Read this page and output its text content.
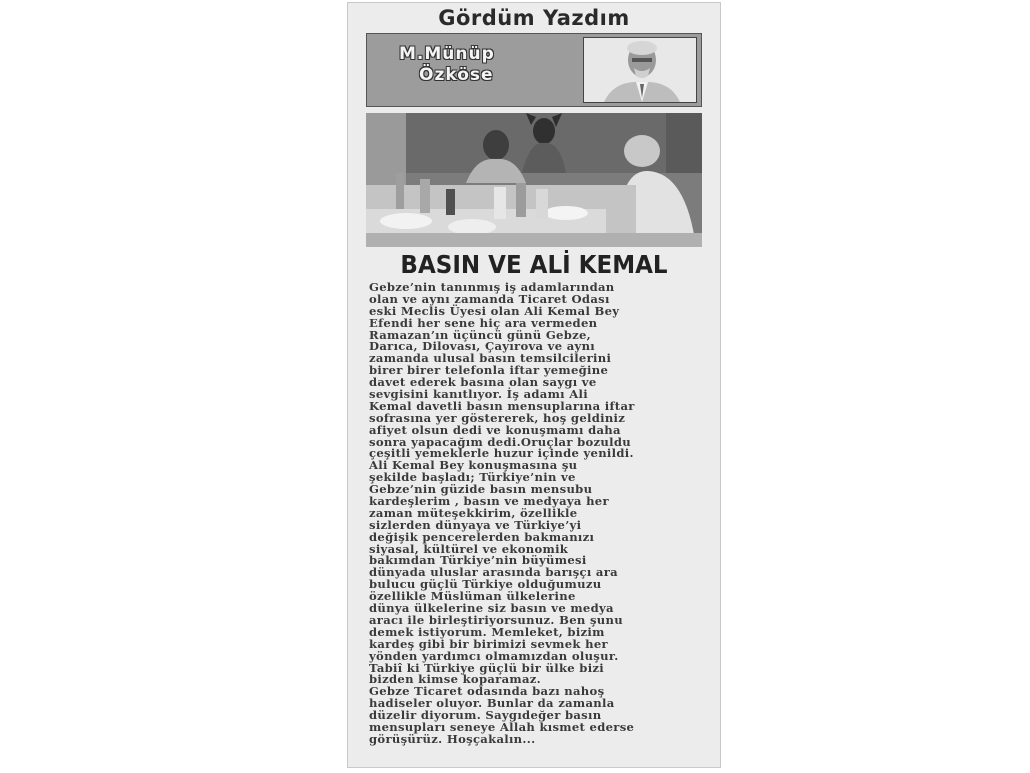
Gördüm Yazdım
M.Münüp
Özköse
BASIN VE ALİ KEMAL
Gebze’nin tanınmış iş adamlarından
olan ve aynı zamanda Ticaret Odası
eski Meclis Üyesi olan Ali Kemal Bey
Efendi her sene hiç ara vermeden
Ramazan’ın üçüncü günü Gebze,
Darıca, Dilovası, Çayırova ve aynı
zamanda ulusal basın temsilcilerini
birer birer telefonla iftar yemeğine
davet ederek basına olan saygı ve
sevgisini kanıtlıyor. İş adamı Ali
Kemal davetli basın mensuplarına iftar
sofrasına yer göstererek, hoş geldiniz
afiyet olsun dedi ve konuşmamı daha
sonra yapacağım dedi.Oruçlar bozuldu
çeşitli yemeklerle huzur içinde yenildi.
Ali Kemal Bey konuşmasına şu
şekilde başladı; Türkiye’nin ve
Gebze’nin güzide basın mensubu
kardeşlerim , basın ve medyaya her
zaman müteşekkirim, özellikle
sizlerden dünyaya ve Türkiye’yi
değişik pencerelerden bakmanızı
siyasal, kültürel ve ekonomik
bakımdan Türkiye’nin büyümesi
dünyada uluslar arasında barışçı ara
bulucu güçlü Türkiye olduğumuzu
özellikle Müslüman ülkelerine
dünya ülkelerine siz basın ve medya
aracı ile birleştiriyorsunuz. Ben şunu
demek istiyorum. Memleket, bizim
kardeş gibi bir birimizi sevmek her
yönden yardımcı olmamızdan oluşur.
Tabiî ki Türkiye güçlü bir ülke bizi
bizden kimse koparamaz.
Gebze Ticaret odasında bazı nahoş
hadiseler oluyor. Bunlar da zamanla
düzelir diyorum. Saygıdeğer basın
mensupları seneye Allah kısmet ederse
görüşürüz. Hoşçakalın...
